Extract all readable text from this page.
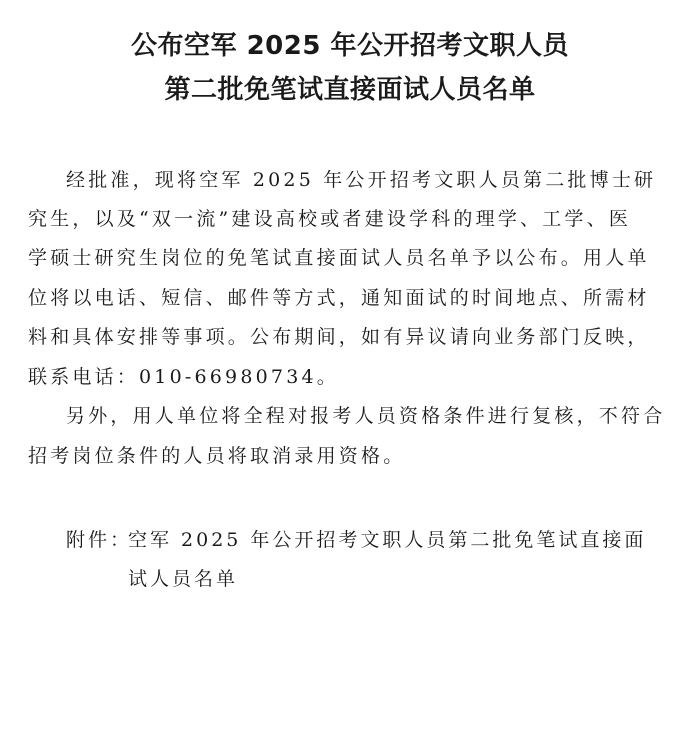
公布空军 2025 年公开招考文职人员
第二批免笔试直接面试人员名单
经批准，现将空军 2025 年公开招考文职人员第二批博士研
究生，以及“双一流”建设高校或者建设学科的理学、工学、医
学硕士研究生岗位的免笔试直接面试人员名单予以公布。用人单
位将以电话、短信、邮件等方式，通知面试的时间地点、所需材
料和具体安排等事项。公布期间，如有异议请向业务部门反映，
联系电话：010-66980734。
另外，用人单位将全程对报考人员资格条件进行复核，不符合
招考岗位条件的人员将取消录用资格。
附件：
空军 2025 年公开招考文职人员第二批免笔试直接面
试人员名单
